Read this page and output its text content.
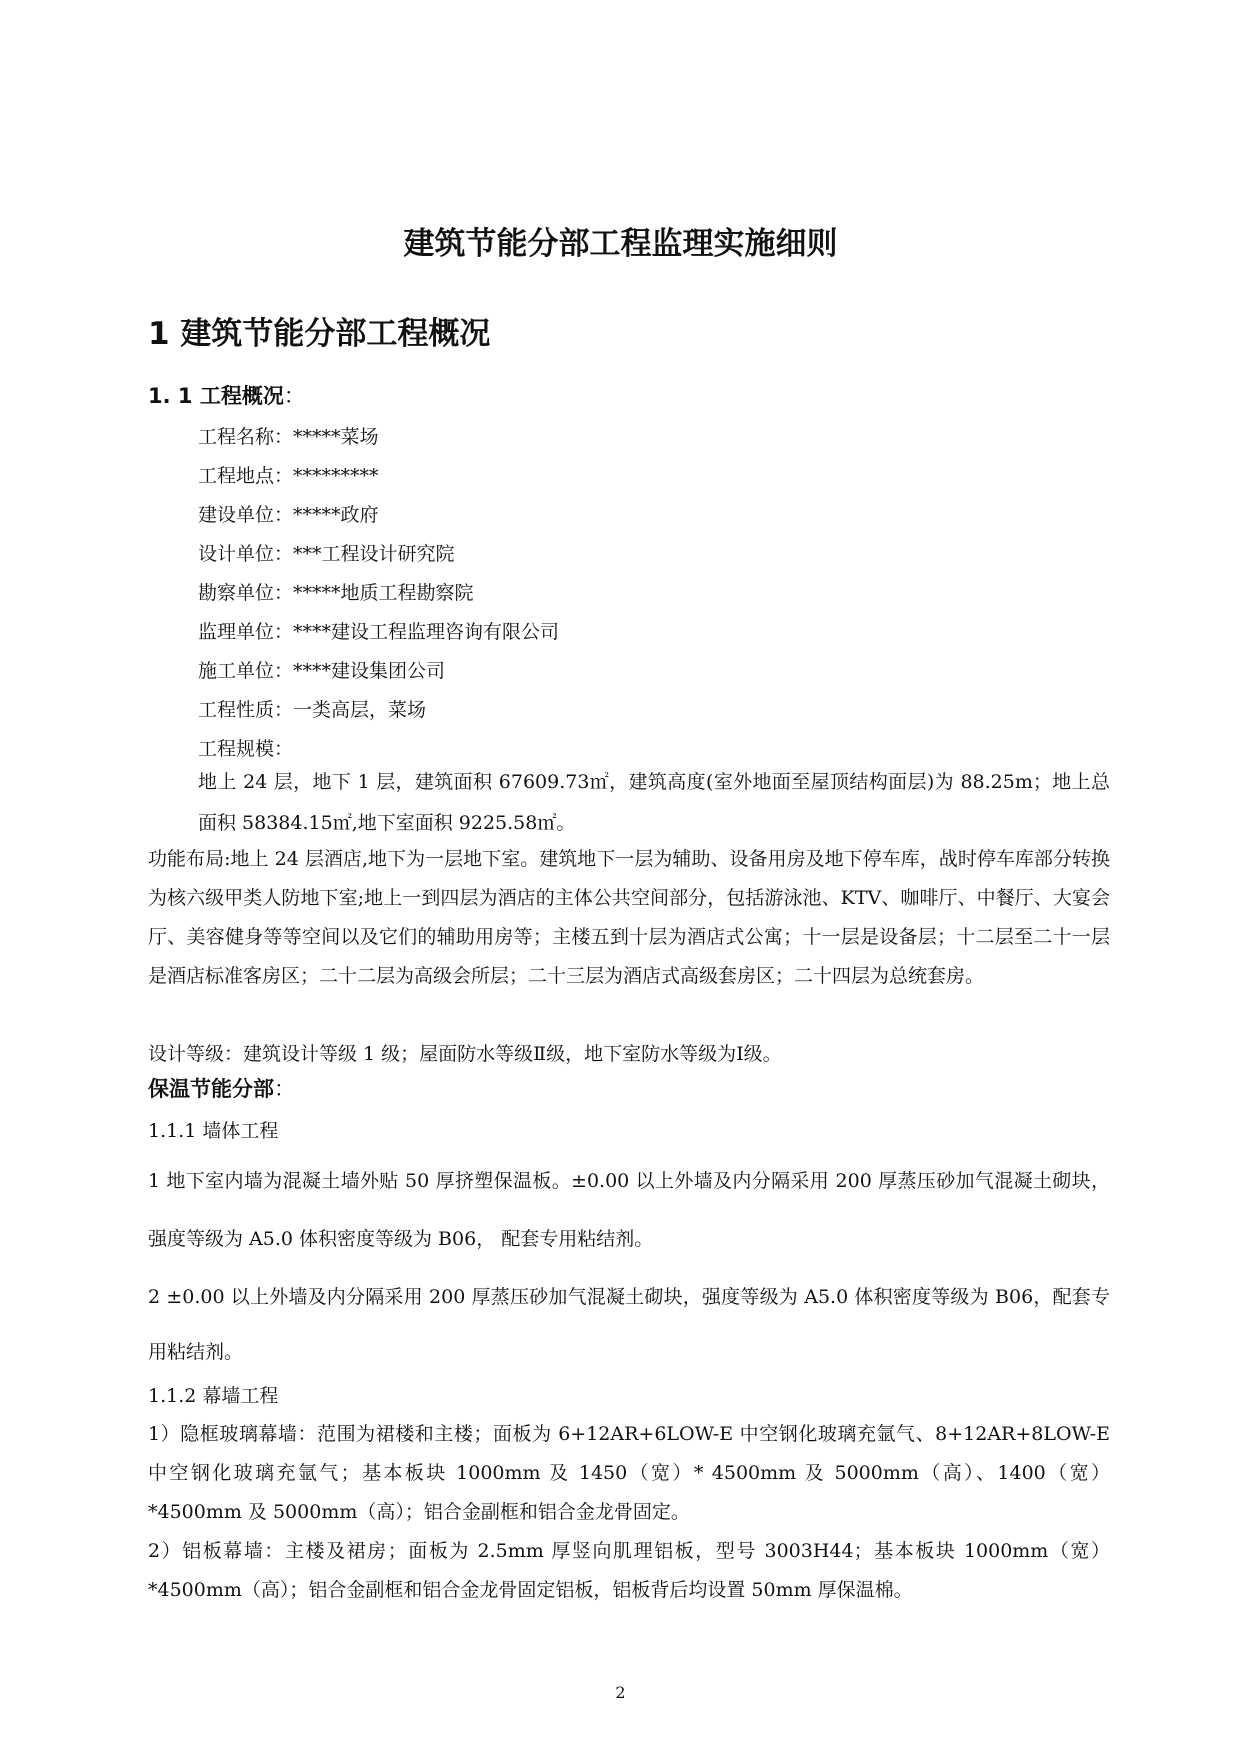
建筑节能分部工程监理实施细则
1 建筑节能分部工程概况
1. 1 工程概况：
工程名称：*****菜场
工程地点：*********
建设单位：*****政府
设计单位：***工程设计研究院
勘察单位：*****地质工程勘察院
监理单位：****建设工程监理咨询有限公司
施工单位：****建设集团公司
工程性质：一类高层，菜场
工程规模：
地上 24 层，地下 1 层，建筑面积 67609.73㎡，建筑高度(室外地面至屋顶结构面层)为 88.25m；地上总面积 58384.15㎡,地下室面积 9225.58㎡。
功能布局:地上 24 层酒店,地下为一层地下室。建筑地下一层为辅助、设备用房及地下停车库，战时停车库部分转换为核六级甲类人防地下室;地上一到四层为酒店的主体公共空间部分，包括游泳池、KTV、咖啡厅、中餐厅、大宴会厅、美容健身等等空间以及它们的辅助用房等；主楼五到十层为酒店式公寓；十一层是设备层；十二层至二十一层是酒店标准客房区；二十二层为高级会所层；二十三层为酒店式高级套房区；二十四层为总统套房。
设计等级：建筑设计等级 1 级；屋面防水等级Ⅱ级，地下室防水等级为Ⅰ级。
保温节能分部：
1.1.1 墙体工程
1 地下室内墙为混凝土墙外贴 50 厚挤塑保温板。±0.00 以上外墙及内分隔采用 200 厚蒸压砂加气混凝土砌块，强度等级为 A5.0 体积密度等级为 B06， 配套专用粘结剂。
2 ±0.00 以上外墙及内分隔采用 200 厚蒸压砂加气混凝土砌块，强度等级为 A5.0 体积密度等级为 B06，配套专用粘结剂。
1.1.2 幕墙工程
1）隐框玻璃幕墙：范围为裙楼和主楼；面板为 6+12AR+6LOW-E 中空钢化玻璃充氩气、8+12AR+8LOW-E 中空钢化玻璃充氩气；基本板块 1000mm 及 1450（宽）* 4500mm 及 5000mm（高）、1400（宽）*4500mm 及 5000mm（高）；铝合金副框和铝合金龙骨固定。
2）铝板幕墙：主楼及裙房；面板为 2.5mm 厚竖向肌理铝板，型号 3003H44；基本板块 1000mm（宽）*4500mm（高）；铝合金副框和铝合金龙骨固定铝板，铝板背后均设置 50mm 厚保温棉。
2
